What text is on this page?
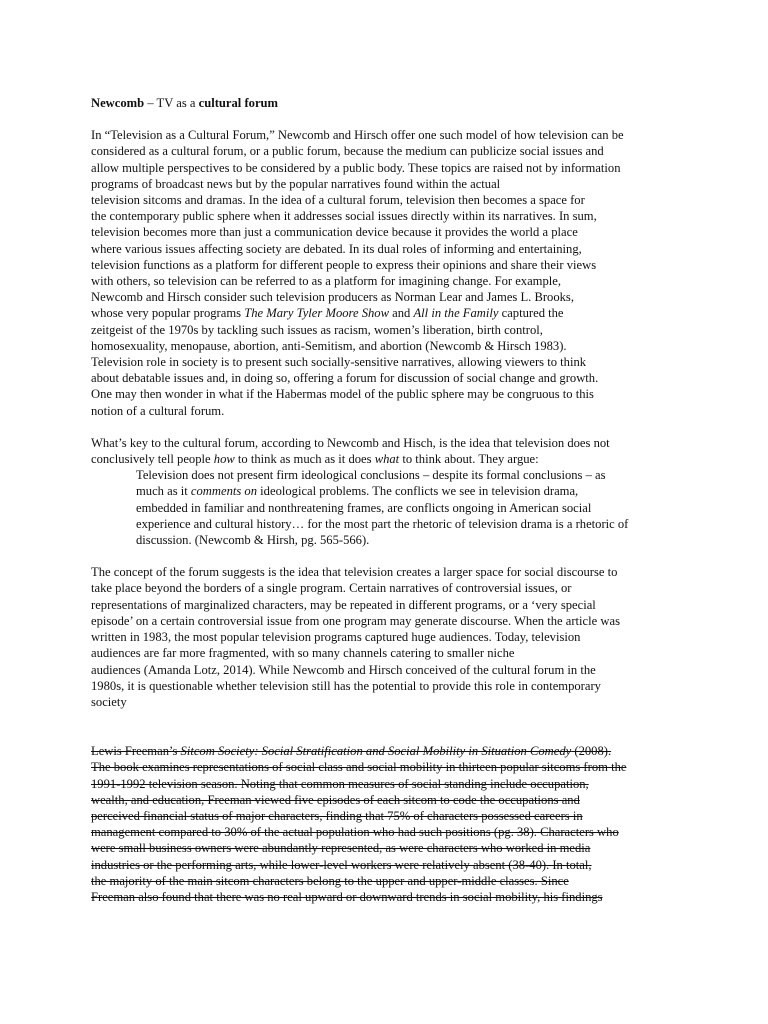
Newcomb – TV as a cultural forum

In “Television as a Cultural Forum,” Newcomb and Hirsch offer one such model of how television can be
considered as a cultural forum, or a public forum, because the medium can publicize social issues and
allow multiple perspectives to be considered by a public body. These topics are raised not by information
programs of broadcast news but by the popular narratives found within the actual
television sitcoms and dramas. In the idea of a cultural forum, television then becomes a space for
the contemporary public sphere when it addresses social issues directly within its narratives. In sum,
television becomes more than just a communication device because it provides the world a place
where various issues affecting society are debated. In its dual roles of informing and entertaining,
television functions as a platform for different people to express their opinions and share their views
with others, so television can be referred to as a platform for imagining change. For example,
Newcomb and Hirsch consider such television producers as Norman Lear and James L. Brooks,
whose very popular programs The Mary Tyler Moore Show and All in the Family captured the
zeitgeist of the 1970s by tackling such issues as racism, women’s liberation, birth control,
homosexuality, menopause, abortion, anti-Semitism, and abortion (Newcomb & Hirsch 1983).
Television role in society is to present such socially-sensitive narratives, allowing viewers to think
about debatable issues and, in doing so, offering a forum for discussion of social change and growth.
One may then wonder in what if the Habermas model of the public sphere may be congruous to this
notion of a cultural forum.

What’s key to the cultural forum, according to Newcomb and Hisch, is the idea that television does not
conclusively tell people how to think as much as it does what to think about. They argue:

Television does not present firm ideological conclusions – despite its formal conclusions – as
much as it comments on ideological problems. The conflicts we see in television drama,
embedded in familiar and nonthreatening frames, are conflicts ongoing in American social
experience and cultural history… for the most part the rhetoric of television drama is a rhetoric of
discussion. (Newcomb & Hirsh, pg. 565-566).

The concept of the forum suggests is the idea that television creates a larger space for social discourse to
take place beyond the borders of a single program. Certain narratives of controversial issues, or
representations of marginalized characters, may be repeated in different programs, or a ‘very special
episode’ on a certain controversial issue from one program may generate discourse. When the article was
written in 1983, the most popular television programs captured huge audiences. Today, television
audiences are far more fragmented, with so many channels catering to smaller niche
audiences (Amanda Lotz, 2014). While Newcomb and Hirsch conceived of the cultural forum in the
1980s, it is questionable whether television still has the potential to provide this role in contemporary
society

Lewis Freeman’s Sitcom Society: Social Stratification and Social Mobility in Situation Comedy (2008).
The book examines representations of social class and social mobility in thirteen popular sitcoms from the
1991-1992 television season. Noting that common measures of social standing include occupation,
wealth, and education, Freeman viewed five episodes of each sitcom to code the occupations and
perceived financial status of major characters, finding that 75% of characters possessed careers in
management compared to 30% of the actual population who had such positions (pg. 38). Characters who
were small business owners were abundantly represented, as were characters who worked in media
industries or the performing arts, while lower-level workers were relatively absent (38-40). In total,
the majority of the main sitcom characters belong to the upper and upper-middle classes. Since
Freeman also found that there was no real upward or downward trends in social mobility, his findings
